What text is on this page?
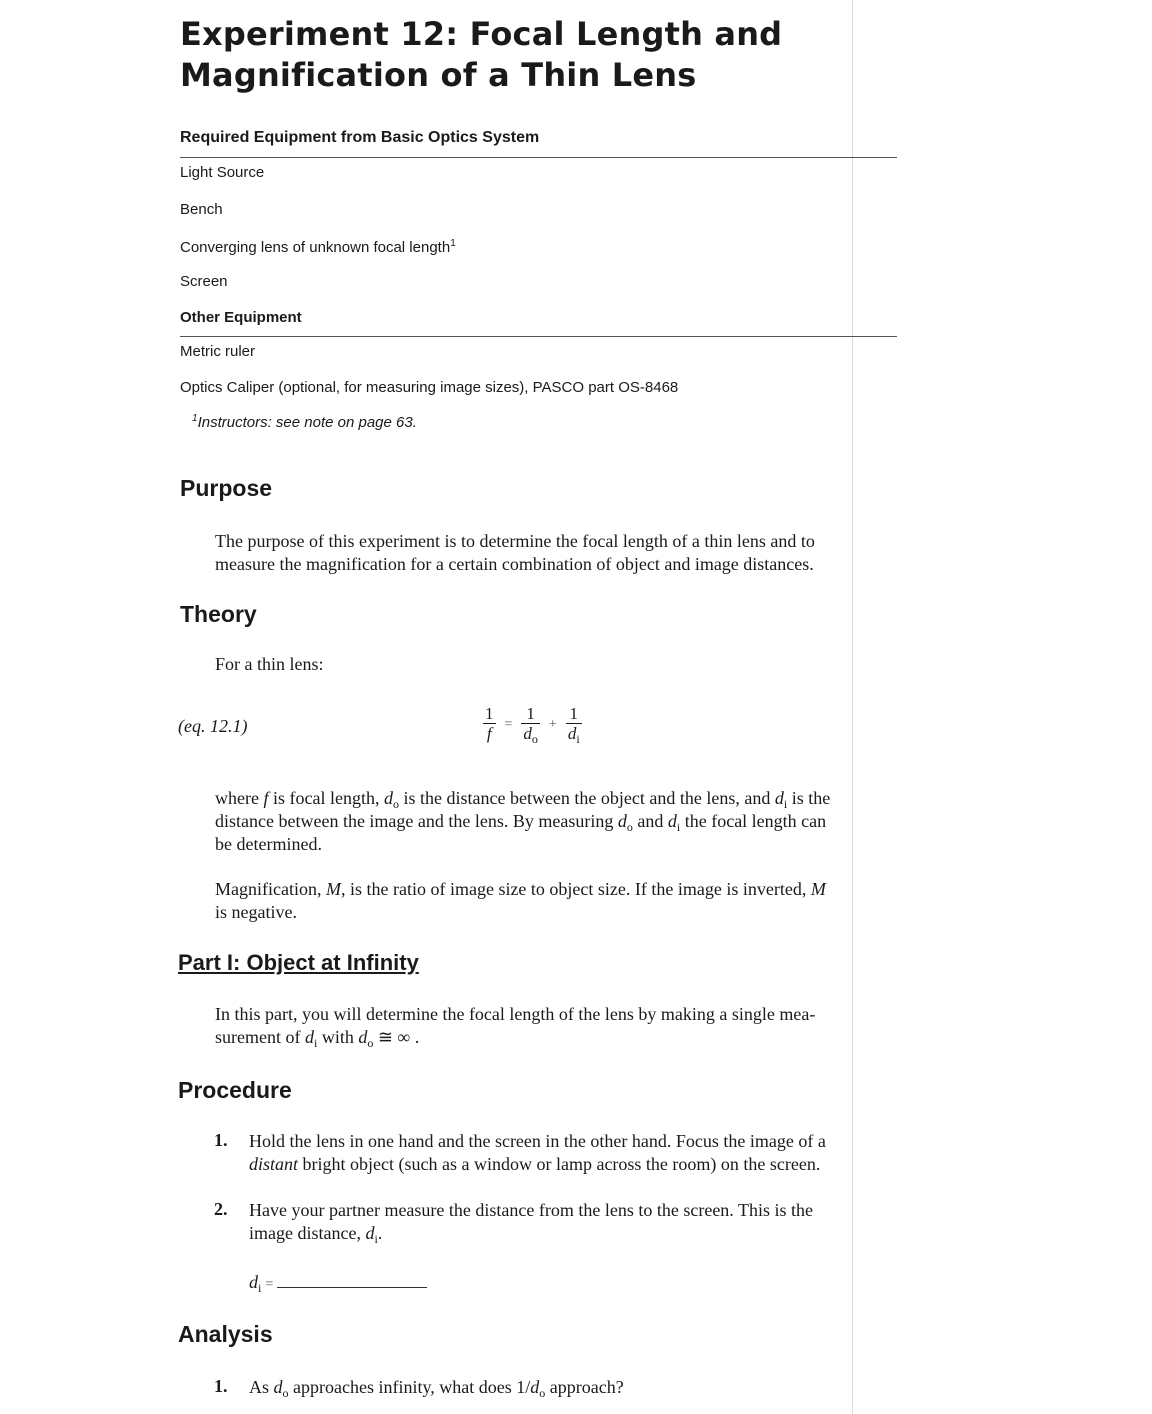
Experiment 12: Focal Length and
Magnification of a Thin Lens
Required Equipment from Basic Optics System
Light Source
Bench
Converging lens of unknown focal length$^1$
Screen
Other Equipment
Metric ruler
Optics Caliper (optional, for measuring image sizes), PASCO part OS-8468
$^1$Instructors: see note on page 63.
Purpose
The purpose of this experiment is to determine the focal length of a thin lens and to
measure the magnification for a certain combination of object and image distances.
Theory
For a thin lens:
(eq. 12.1)	$\frac{1}{f} = \frac{1}{d_o} + \frac{1}{d_i}$
where f is focal length, $d_o$ is the distance between the object and the lens, and $d_i$ is the
distance between the image and the lens. By measuring $d_o$ and $d_i$ the focal length can
be determined.
Magnification, M, is the ratio of image size to object size. If the image is inverted, M
is negative.
Part I: Object at Infinity
In this part, you will determine the focal length of the lens by making a single mea-
surement of $d_i$ with $d_o$ ≅ ∞ .
Procedure
1. Hold the lens in one hand and the screen in the other hand. Focus the image of a
distant bright object (such as a window or lamp across the room) on the screen.
2. Have your partner measure the distance from the lens to the screen. This is the
image distance, $d_i$.
$d_i$ =
Analysis
1. As $d_o$ approaches infinity, what does $1/d_o$ approach?
